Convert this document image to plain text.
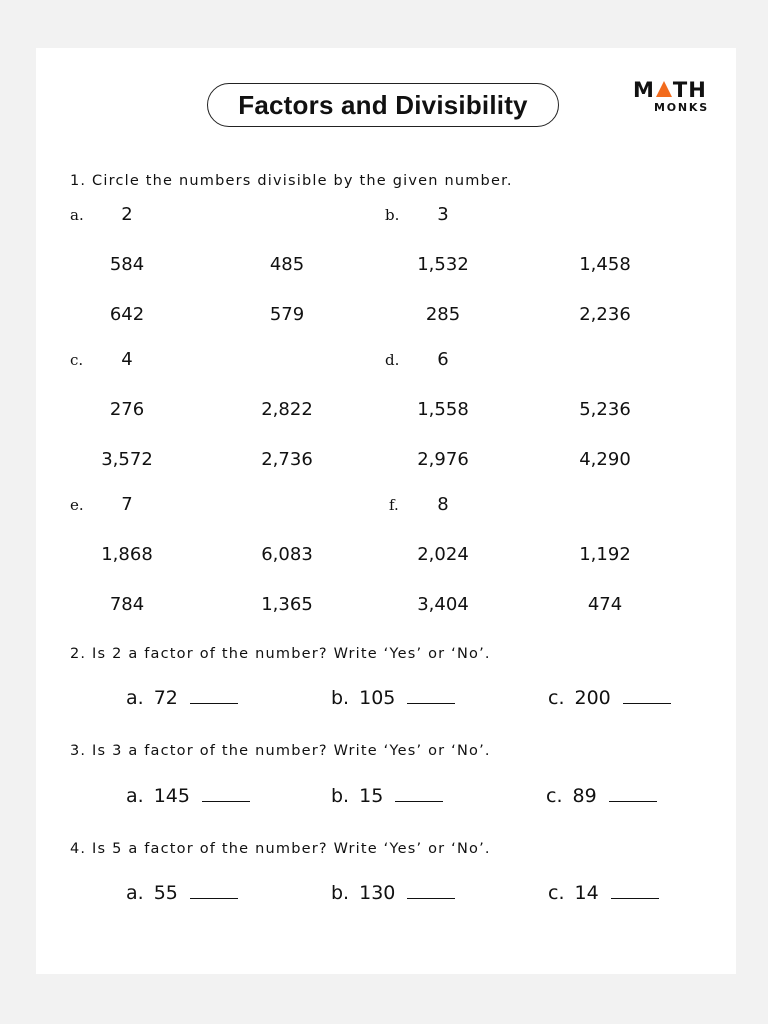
Factors and Divisibility	M TH
MONKS
1. Circle the numbers divisible by the given number.
a.	2
584	485
642	579
b.	3
1,532	1,458
285	2,236
c.	4
276	2,822
3,572	2,736
d.	6
1,558	5,236
2,976	4,290
e.	7
1,868	6,083
784	1,365
f.	8
2,024	1,192
3,404	474
2. Is 2 a factor of the number? Write ‘Yes’ or ‘No’.
a. 72	b. 105	c. 200
3. Is 3 a factor of the number? Write ‘Yes’ or ‘No’.
a. 145	b. 15	c. 89
4. Is 5 a factor of the number? Write ‘Yes’ or ‘No’.
a. 55	b. 130	c. 14
